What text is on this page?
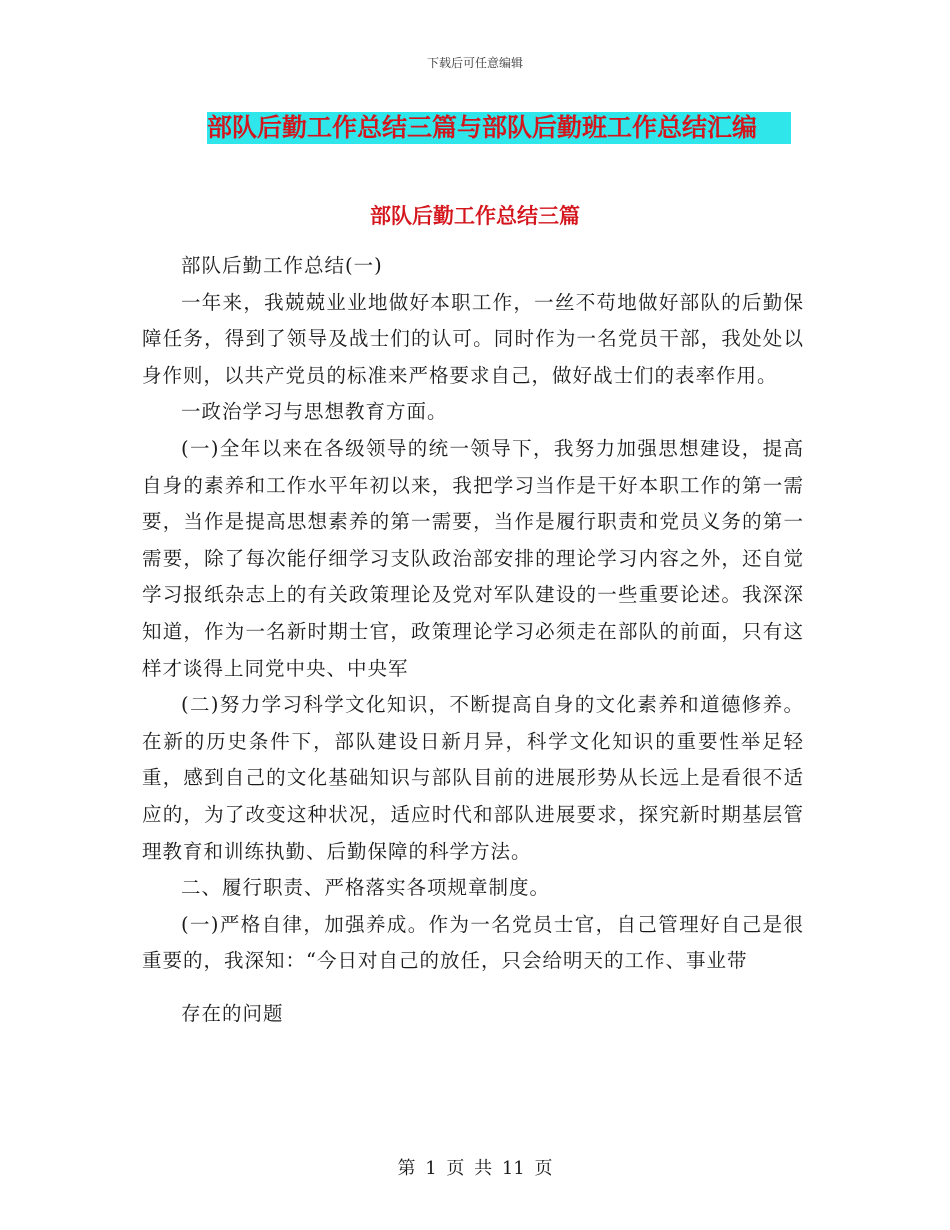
下载后可任意编辑
部队后勤工作总结三篇与部队后勤班工作总结汇编
部队后勤工作总结三篇

部队后勤工作总结(一)

一年来，我兢兢业业地做好本职工作，一丝不苟地做好部队的后勤保障任务，得到了领导及战士们的认可。同时作为一名党员干部，我处处以身作则，以共产党员的标准来严格要求自己，做好战士们的表率作用。

一政治学习与思想教育方面。

(一)全年以来在各级领导的统一领导下，我努力加强思想建设，提高自身的素养和工作水平年初以来，我把学习当作是干好本职工作的第一需要，当作是提高思想素养的第一需要，当作是履行职责和党员义务的第一需要，除了每次能仔细学习支队政治部安排的理论学习内容之外，还自觉学习报纸杂志上的有关政策理论及党对军队建设的一些重要论述。我深深知道，作为一名新时期士官，政策理论学习必须走在部队的前面，只有这样才谈得上同党中央、中央军

(二)努力学习科学文化知识，不断提高自身的文化素养和道德修养。在新的历史条件下，部队建设日新月异，科学文化知识的重要性举足轻重，感到自己的文化基础知识与部队目前的进展形势从长远上是看很不适应的，为了改变这种状况，适应时代和部队进展要求，探究新时期基层管理教育和训练执勤、后勤保障的科学方法。

二、履行职责、严格落实各项规章制度。

(一)严格自律，加强养成。作为一名党员士官，自己管理好自己是很重要的，我深知：“今日对自己的放任，只会给明天的工作、事业带

存在的问题

第 1 页 共 11 页
